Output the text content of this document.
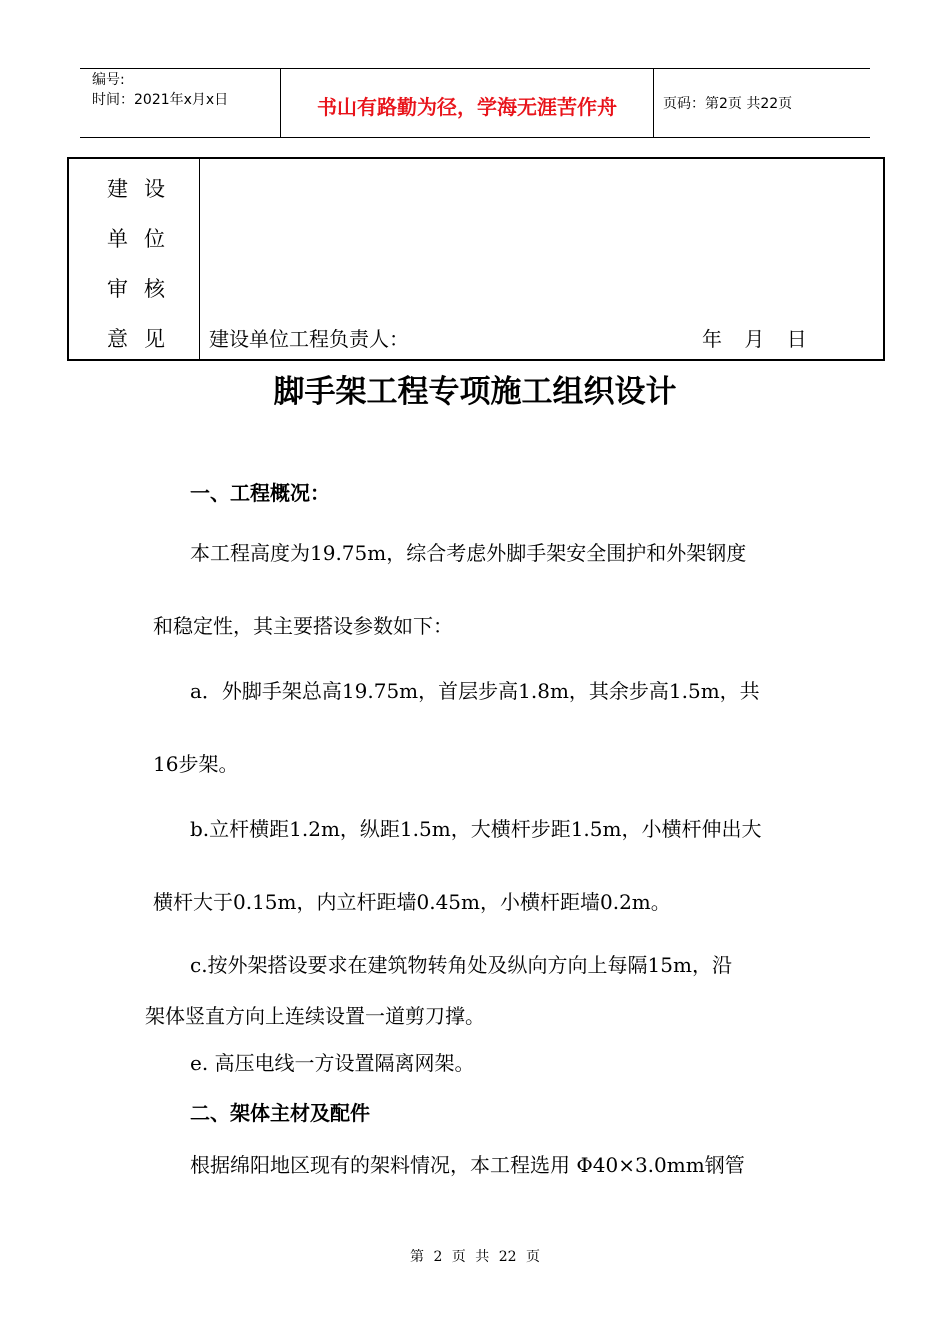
编号:
时间：2021年x月x日	书山有路勤为径，学海无涯苦作舟	页码：第2页 共22页
建设
单位
审核
意见 建设单位工程负责人：	年 月 日
脚手架工程专项施工组织设计
一、工程概况：
本工程高度为19.75m，综合考虑外脚手架安全围护和外架钢度
和稳定性，其主要搭设参数如下：
a．外脚手架总高19.75m，首层步高1.8m，其余步高1.5m，共
16步架。
b.立杆横距1.2m，纵距1.5m，大横杆步距1.5m，小横杆伸出大
横杆大于0.15m，内立杆距墙0.45m，小横杆距墙0.2m。
c.按外架搭设要求在建筑物转角处及纵向方向上每隔15m，沿
架体竖直方向上连续设置一道剪刀撑。
e. 高压电线一方设置隔离网架。
二、架体主材及配件
根据绵阳地区现有的架料情况，本工程选用 Φ40×3.0mm钢管
第 2 页 共 22 页
